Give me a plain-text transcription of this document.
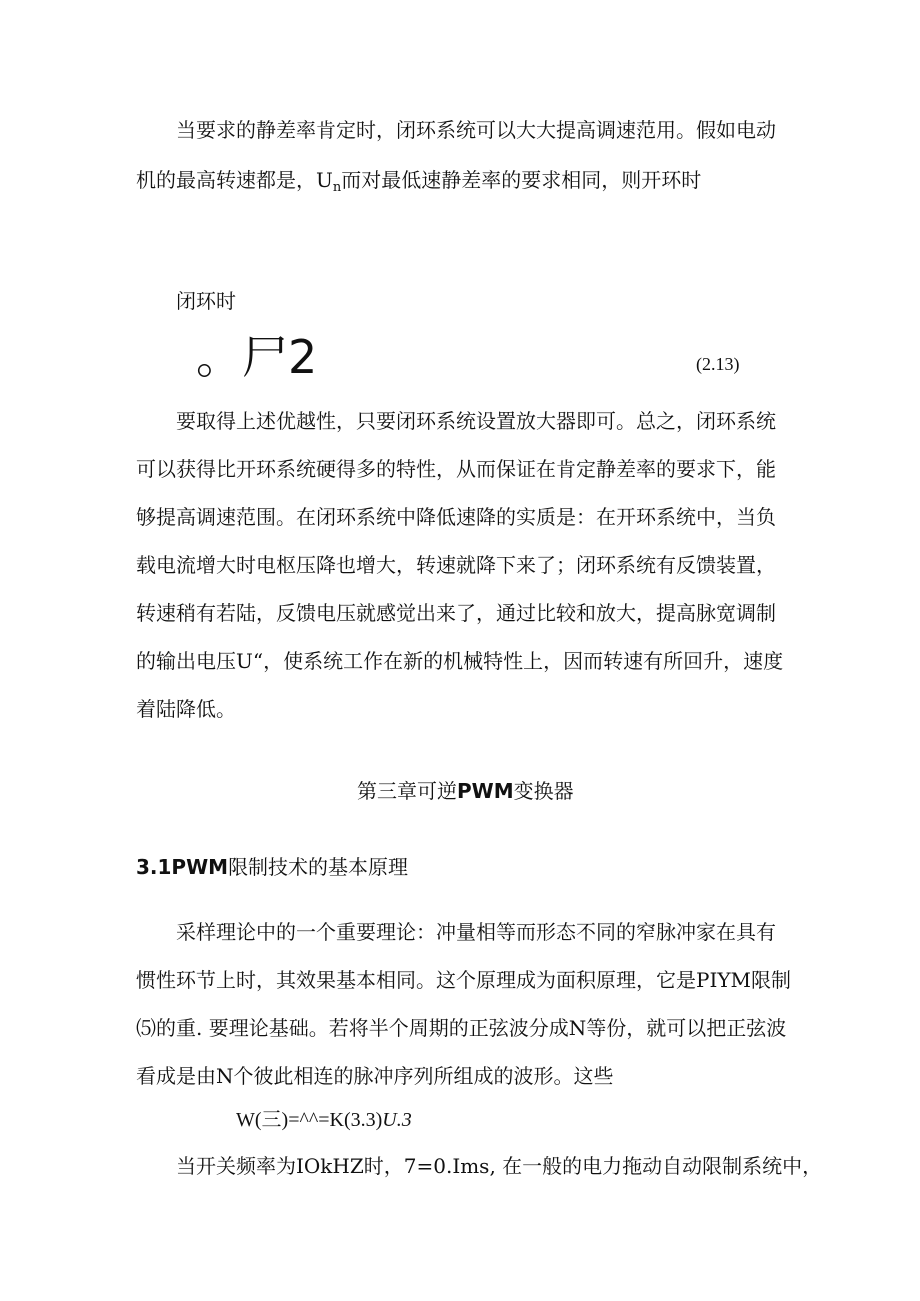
当要求的静差率肯定时，闭环系统可以大大提高调速范用。假如电动
机的最高转速都是，$U_n$而对最低速静差率的要求相同，则开环时
闭环时
。尸2	(2.13)
要取得上述优越性，只要闭环系统设置放大器即可。总之，闭环系统
可以获得比开环系统硬得多的特性，从而保证在肯定静差率的要求下，能
够提高调速范围。在闭环系统中降低速降的实质是：在开环系统中，当负
载电流增大时电枢压降也增大，转速就降下来了；闭环系统有反馈装置，
转速稍有若陆，反馈电压就感觉出来了，通过比较和放大，提高脉宽调制
的输出电压U“，使系统工作在新的机械特性上，因而转速有所回升，速度
着陆降低。
第三章可逆PWM变换器
3.1PWM限制技术的基本原理
采样理论中的一个重要理论：冲量相等而形态不同的窄脉冲家在具有
惯性环节上时，其效果基本相同。这个原理成为面积原理，它是PIYM限制
⑸的重. 要理论基础。若将半个周期的正弦波分成N等份，就可以把正弦波
看成是由N个彼此相连的脉冲序列所组成的波形。这些
W(三)=^^=K(3.3)U.3
当开关频率为IOkHZ时，7=0.Ims, 在一般的电力拖动自动限制系统中，
